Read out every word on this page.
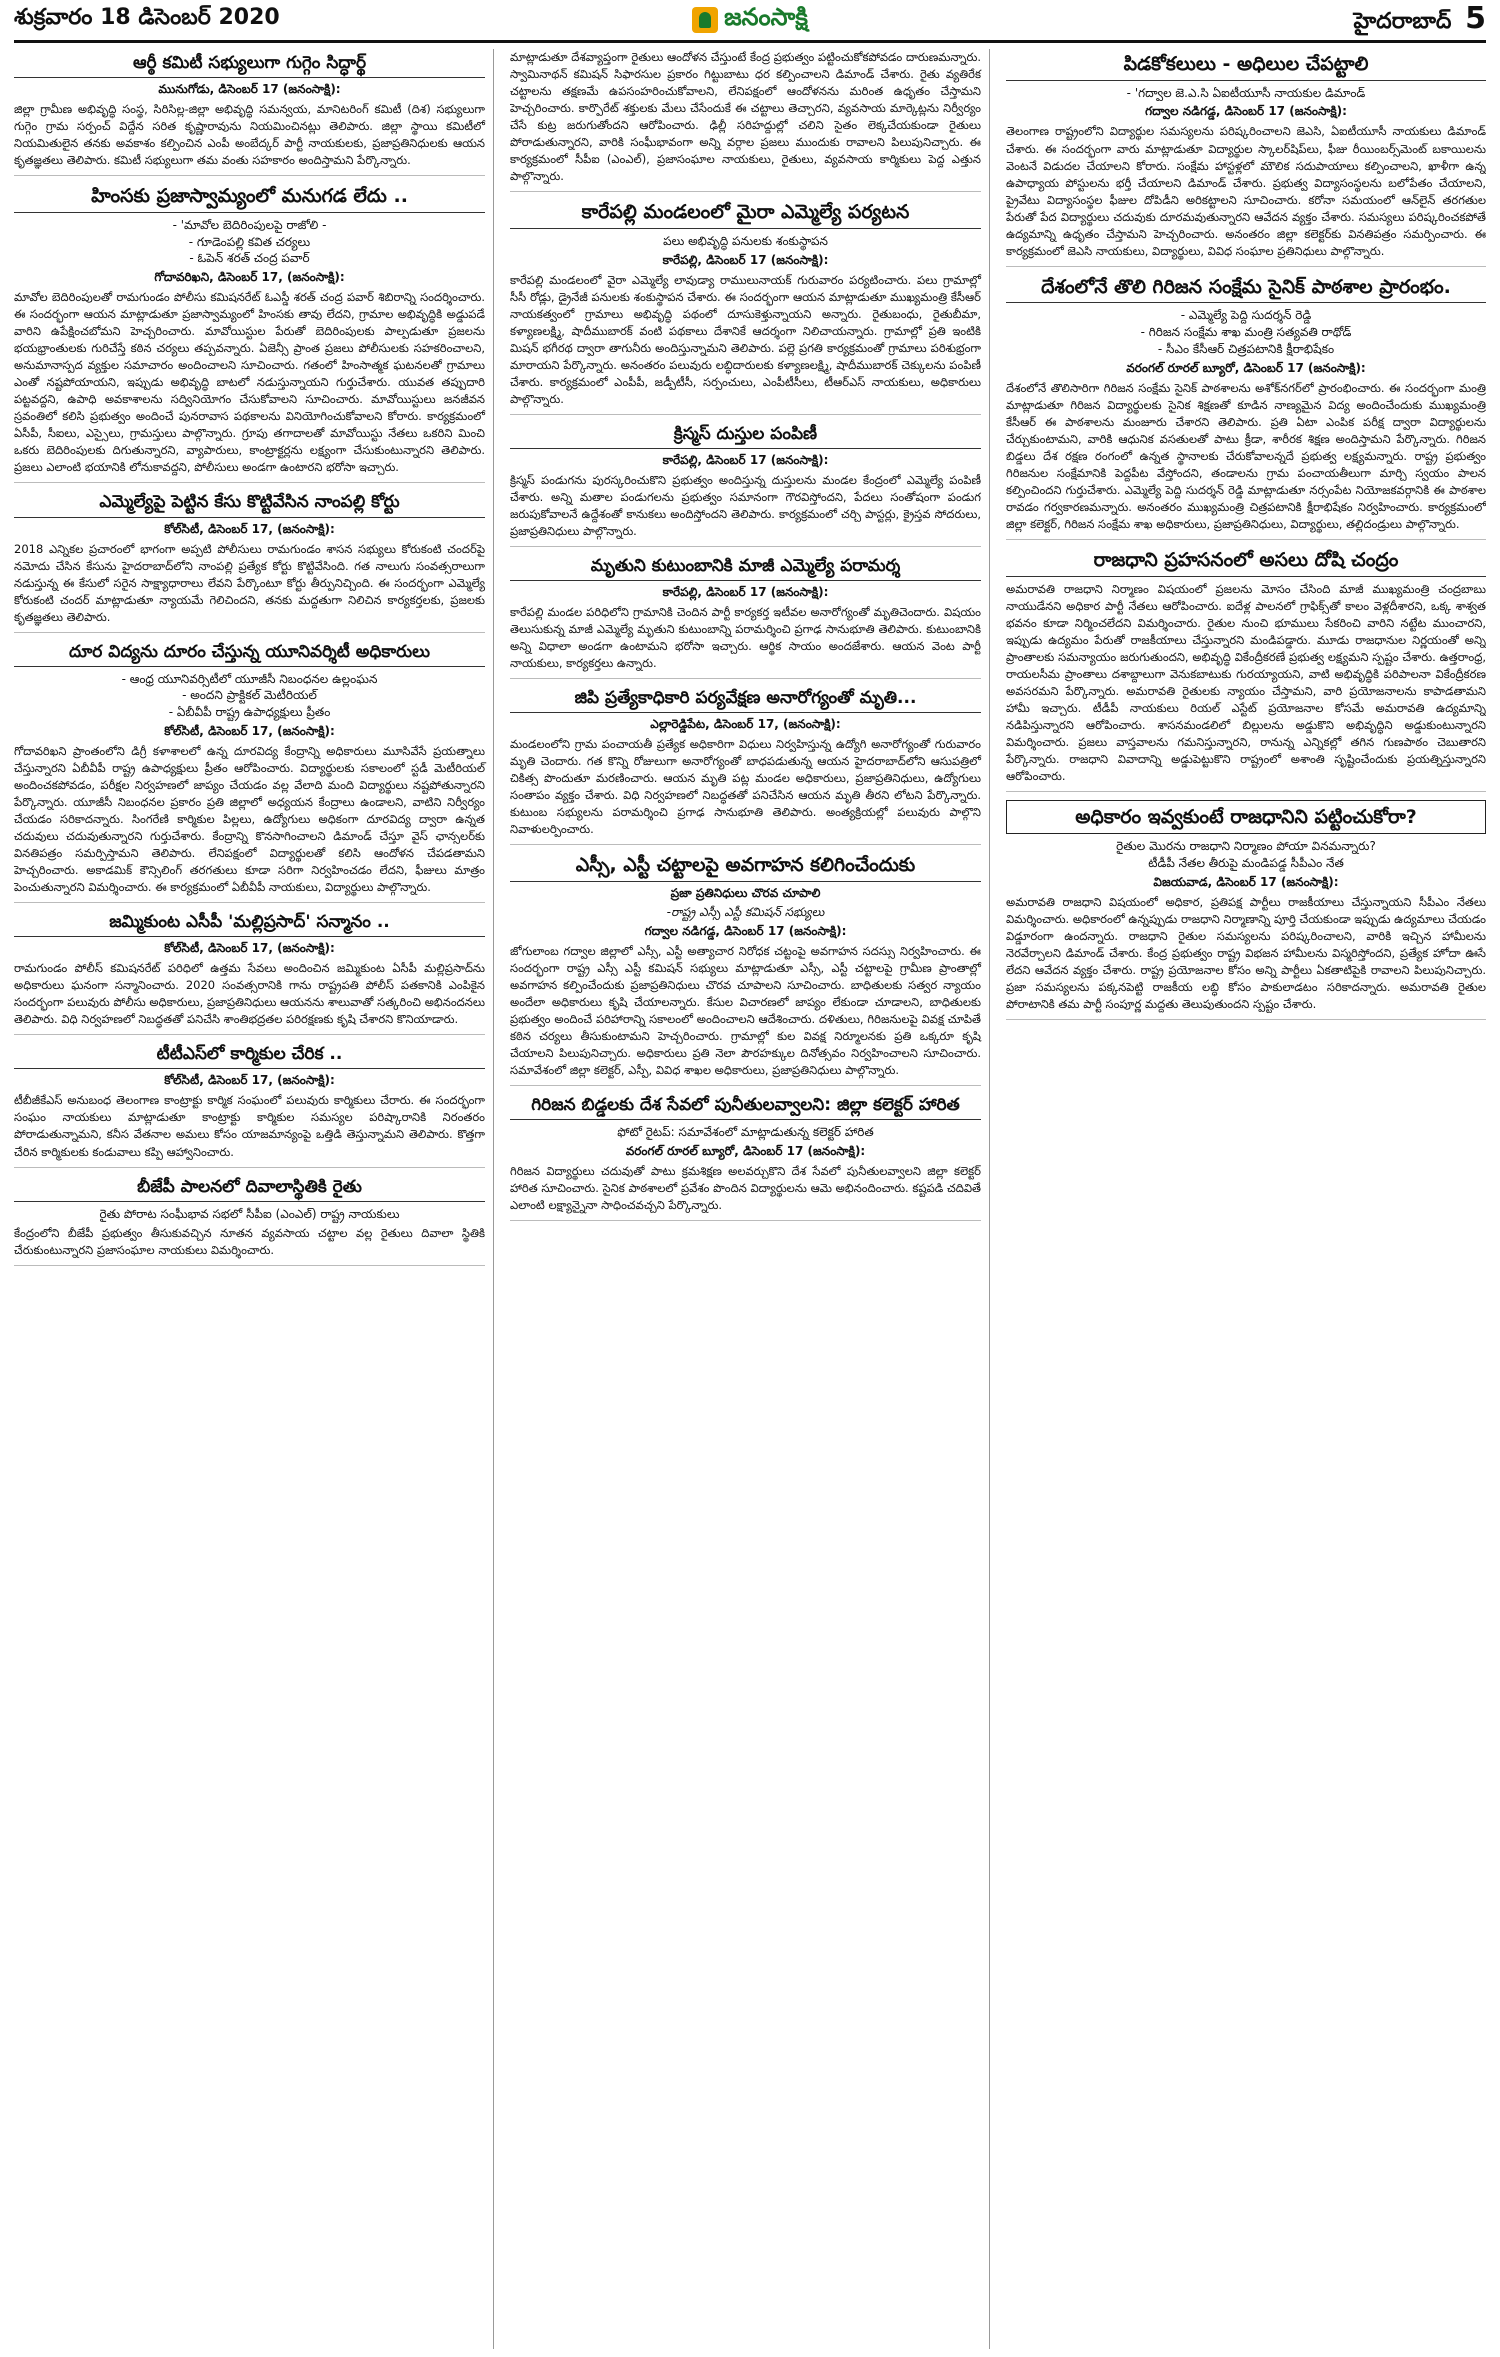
శుక్రవారం 18 డిసెంబర్ 2020	జనంసాక్షి	హైదరాబాద్ 5
ఆర్ఠీ కమిటీ సభ్యులుగా గుగ్గెం సిద్ధార్థ్
మునుగోడు, డిసెంబర్ 17 (జనంసాక్షి):
జిల్లా గ్రామీణ అభివృద్ధి సంస్థ, సిరిసిల్ల-జిల్లా అభివృద్ధి సమన్వయ, మానిటరింగ్ కమిటీ (దిశ) సభ్యులుగా గుగ్గెం గ్రామ సర్పంచ్ విద్దేన సరిత కృష్ణారావును నియమించినట్లు తెలిపారు. జిల్లా స్థాయి కమిటీలో నియమితులైన తనకు అవకాశం కల్పించిన ఎంపీ అంబేద్కర్‌ పార్టీ నాయకులకు, ప్రజాప్రతినిధులకు ఆయన కృతజ్ఞతలు తెలిపారు. కమిటీ సభ్యులుగా తమ వంతు సహకారం అందిస్తామని పేర్కొన్నారు.
హింసకు ప్రజాస్వామ్యంలో మనుగడ లేదు ..
- 'మావోల బెదిరింపులపై రాజోలి -
- గూడెంపల్లి కవిత చర్యలు
- ఓపెన్ శరత్ చంద్ర పవార్
గోదావరిఖని, డిసెంబర్ 17, (జనంసాక్షి):
మావోల బెదిరింపులతో రామగుండం పోలీసు కమిషనరేట్ ఓఎస్డీ శరత్ చంద్ర పవార్ శిబిరాన్ని సందర్శించారు. ఈ సందర్భంగా ఆయన మాట్లాడుతూ ప్రజాస్వామ్యంలో హింసకు తావు లేదని, గ్రామాల అభివృద్ధికి అడ్డుపడే వారిని ఉపేక్షించబోమని హెచ్చరించారు. మావోయిస్టుల పేరుతో బెదిరింపులకు పాల్పడుతూ ప్రజలను భయభ్రాంతులకు గురిచేస్తే కఠిన చర్యలు తప్పవన్నారు. ఏజెన్సీ ప్రాంత ప్రజలు పోలీసులకు సహకరించాలని, అనుమానాస్పద వ్యక్తుల సమాచారం అందించాలని సూచించారు. గతంలో హింసాత్మక ఘటనలతో గ్రామాలు ఎంతో నష్టపోయాయని, ఇప్పుడు అభివృద్ధి బాటలో నడుస్తున్నాయని గుర్తుచేశారు. యువత తప్పుదారి పట్టవద్దని, ఉపాధి అవకాశాలను సద్వినియోగం చేసుకోవాలని సూచించారు. మావోయిస్టులు జనజీవన స్రవంతిలో కలిసి ప్రభుత్వం అందించే పునరావాస పథకాలను వినియోగించుకోవాలని కోరారు. కార్యక్రమంలో ఏసీపీ, సీఐలు, ఎస్సైలు, గ్రామస్తులు పాల్గొన్నారు. గ్రూపు తగాదాలతో మావోయిస్టు నేతలు ఒకరిని మించి ఒకరు బెదిరింపులకు దిగుతున్నారని, వ్యాపారులు, కాంట్రాక్టర్లను లక్ష్యంగా చేసుకుంటున్నారని తెలిపారు. ప్రజలు ఎలాంటి భయానికి లోనుకావద్దని, పోలీసులు అండగా ఉంటారని భరోసా ఇచ్చారు.
ఎమ్మెల్యేపై పెట్టిన కేసు కొట్టివేసిన నాంపల్లి కోర్టు
కోల్‌సిటీ, డిసెంబర్ 17, (జనంసాక్షి):
2018 ఎన్నికల ప్రచారంలో భాగంగా అప్పటి పోలీసులు రామగుండం శాసన సభ్యులు కోరుకంటి చందర్‌పై నమోదు చేసిన కేసును హైదరాబాద్‌లోని నాంపల్లి ప్రత్యేక కోర్టు కొట్టివేసింది. గత నాలుగు సంవత్సరాలుగా నడుస్తున్న ఈ కేసులో సరైన సాక్ష్యాధారాలు లేవని పేర్కొంటూ కోర్టు తీర్పునిచ్చింది. ఈ సందర్భంగా ఎమ్మెల్యే కోరుకంటి చందర్ మాట్లాడుతూ న్యాయమే గెలిచిందని, తనకు మద్దతుగా నిలిచిన కార్యకర్తలకు, ప్రజలకు కృతజ్ఞతలు తెలిపారు.
దూర విద్యను దూరం చేస్తున్న యూనివర్శిటీ అధికారులు
- ఆంధ్ర యూనివర్సిటీలో యూజీసీ నిబంధనల ఉల్లంఘన
- అందని ప్రాక్టికల్ మెటీరియల్
- ఏబీవీపీ రాష్ట్ర ఉపాధ్యక్షులు ప్రీతం
కోల్‌సిటీ, డిసెంబర్ 17, (జనంసాక్షి):
గోదావరిఖని ప్రాంతంలోని డిగ్రీ కళాశాలలో ఉన్న దూరవిద్య కేంద్రాన్ని అధికారులు మూసివేసే ప్రయత్నాలు చేస్తున్నారని ఏబీవీపీ రాష్ట్ర ఉపాధ్యక్షులు ప్రీతం ఆరోపించారు. విద్యార్థులకు సకాలంలో స్టడీ మెటీరియల్ అందించకపోవడం, పరీక్షల నిర్వహణలో జాప్యం చేయడం వల్ల వేలాది మంది విద్యార్థులు నష్టపోతున్నారని పేర్కొన్నారు. యూజీసీ నిబంధనల ప్రకారం ప్రతి జిల్లాలో అధ్యయన కేంద్రాలు ఉండాలని, వాటిని నిర్వీర్యం చేయడం సరికాదన్నారు. సింగరేణి కార్మికుల పిల్లలు, ఉద్యోగులు అధికంగా దూరవిద్య ద్వారా ఉన్నత చదువులు చదువుతున్నారని గుర్తుచేశారు. కేంద్రాన్ని కొనసాగించాలని డిమాండ్ చేస్తూ వైస్ ఛాన్సలర్‌కు వినతిపత్రం సమర్పిస్తామని తెలిపారు. లేనిపక్షంలో విద్యార్థులతో కలిసి ఆందోళన చేపడతామని హెచ్చరించారు. అకాడమిక్ కౌన్సిలింగ్ తరగతులు కూడా సరిగా నిర్వహించడం లేదని, ఫీజులు మాత్రం పెంచుతున్నారని విమర్శించారు. ఈ కార్యక్రమంలో ఏబీవీపీ నాయకులు, విద్యార్థులు పాల్గొన్నారు.
జమ్మికుంట ఎసీపీ 'మల్లిప్రసాద్' సన్మానం ..
కోల్‌సిటీ, డిసెంబర్ 17, (జనంసాక్షి):
రామగుండం పోలీస్ కమిషనరేట్ పరిధిలో ఉత్తమ సేవలు అందించిన జమ్మికుంట ఏసీపీ మల్లిప్రసాద్‌ను అధికారులు ఘనంగా సన్మానించారు. 2020 సంవత్సరానికి గాను రాష్ట్రపతి పోలీస్ పతకానికి ఎంపికైన సందర్భంగా పలువురు పోలీసు అధికారులు, ప్రజాప్రతినిధులు ఆయనను శాలువాతో సత్కరించి అభినందనలు తెలిపారు. విధి నిర్వహణలో నిబద్ధతతో పనిచేసి శాంతిభద్రతల పరిరక్షణకు కృషి చేశారని కొనియాడారు.
టీటీఎస్‌లో కార్మికుల చేరిక ..
కోల్‌సిటీ, డిసెంబర్ 17, (జనంసాక్షి):
టీబీజీకేఎస్ అనుబంధ తెలంగాణ కాంట్రాక్టు కార్మిక సంఘంలో పలువురు కార్మికులు చేరారు. ఈ సందర్భంగా సంఘం నాయకులు మాట్లాడుతూ కాంట్రాక్టు కార్మికుల సమస్యల పరిష్కారానికి నిరంతరం పోరాడుతున్నామని, కనీస వేతనాల అమలు కోసం యాజమాన్యంపై ఒత్తిడి తెస్తున్నామని తెలిపారు. కొత్తగా చేరిన కార్మికులకు కండువాలు కప్పి ఆహ్వానించారు.
బీజేపీ పాలనలో దివాలాస్థితికి రైతు
రైతు పోరాట సంఘీభావ సభలో సీపీఐ (ఎంఎల్) రాష్ట్ర నాయకులు
కేంద్రంలోని బీజేపీ ప్రభుత్వం తీసుకువచ్చిన నూతన వ్యవసాయ చట్టాల వల్ల రైతులు దివాలా స్థితికి చేరుకుంటున్నారని ప్రజాసంఘాల నాయకులు విమర్శించారు.
మాట్లాడుతూ దేశవ్యాప్తంగా రైతులు ఆందోళన చేస్తుంటే కేంద్ర ప్రభుత్వం పట్టించుకోకపోవడం దారుణమన్నారు. స్వామినాథన్ కమిషన్ సిఫారసుల ప్రకారం గిట్టుబాటు ధర కల్పించాలని డిమాండ్ చేశారు. రైతు వ్యతిరేక చట్టాలను తక్షణమే ఉపసంహరించుకోవాలని, లేనిపక్షంలో ఆందోళనను మరింత ఉధృతం చేస్తామని హెచ్చరించారు. కార్పొరేట్ శక్తులకు మేలు చేసేందుకే ఈ చట్టాలు తెచ్చారని, వ్యవసాయ మార్కెట్లను నిర్వీర్యం చేసే కుట్ర జరుగుతోందని ఆరోపించారు. ఢిల్లీ సరిహద్దుల్లో చలిని సైతం లెక్కచేయకుండా రైతులు పోరాడుతున్నారని, వారికి సంఘీభావంగా అన్ని వర్గాల ప్రజలు ముందుకు రావాలని పిలుపునిచ్చారు. ఈ కార్యక్రమంలో సీపీఐ (ఎంఎల్), ప్రజాసంఘాల నాయకులు, రైతులు, వ్యవసాయ కార్మికులు పెద్ద ఎత్తున పాల్గొన్నారు.
కారేపల్లి మండలంలో మైరా ఎమ్మెల్యే పర్యటన
పలు అభివృద్ధి పనులకు శంకుస్థాపన
కారేపల్లి, డిసెంబర్ 17 (జనంసాక్షి):
కారేపల్లి మండలంలో వైరా ఎమ్మెల్యే లావుడ్యా రాములునాయక్ గురువారం పర్యటించారు. పలు గ్రామాల్లో సీసీ రోడ్లు, డ్రైనేజీ పనులకు శంకుస్థాపన చేశారు. ఈ సందర్భంగా ఆయన మాట్లాడుతూ ముఖ్యమంత్రి కేసీఆర్ నాయకత్వంలో గ్రామాలు అభివృద్ధి పథంలో దూసుకెళ్తున్నాయని అన్నారు. రైతుబంధు, రైతుబీమా, కళ్యాణలక్ష్మి, షాదీముబారక్ వంటి పథకాలు దేశానికే ఆదర్శంగా నిలిచాయన్నారు. గ్రామాల్లో ప్రతి ఇంటికి మిషన్ భగీరథ ద్వారా తాగునీరు అందిస్తున్నామని తెలిపారు. పల్లె ప్రగతి కార్యక్రమంతో గ్రామాలు పరిశుభ్రంగా మారాయని పేర్కొన్నారు. అనంతరం పలువురు లబ్ధిదారులకు కళ్యాణలక్ష్మి, షాదీముబారక్ చెక్కులను పంపిణీ చేశారు. కార్యక్రమంలో ఎంపీపీ, జడ్పీటీసీ, సర్పంచులు, ఎంపీటీసీలు, టీఆర్ఎస్ నాయకులు, అధికారులు పాల్గొన్నారు.
క్రిస్మస్ దుస్తుల పంపిణీ
కారేపల్లి, డిసెంబర్ 17 (జనంసాక్షి):
క్రిస్మస్ పండుగను పురస్కరించుకొని ప్రభుత్వం అందిస్తున్న దుస్తులను మండల కేంద్రంలో ఎమ్మెల్యే పంపిణీ చేశారు. అన్ని మతాల పండుగలను ప్రభుత్వం సమానంగా గౌరవిస్తోందని, పేదలు సంతోషంగా పండుగ జరుపుకోవాలనే ఉద్దేశంతో కానుకలు అందిస్తోందని తెలిపారు. కార్యక్రమంలో చర్చి పాస్టర్లు, క్రైస్తవ సోదరులు, ప్రజాప్రతినిధులు పాల్గొన్నారు.
మృతుని కుటుంబానికి మాజీ ఎమ్మెల్యే పరామర్శ
కారేపల్లి, డిసెంబర్ 17 (జనంసాక్షి):
కారేపల్లి మండల పరిధిలోని గ్రామానికి చెందిన పార్టీ కార్యకర్త ఇటీవల అనారోగ్యంతో మృతిచెందారు. విషయం తెలుసుకున్న మాజీ ఎమ్మెల్యే మృతుని కుటుంబాన్ని పరామర్శించి ప్రగాఢ సానుభూతి తెలిపారు. కుటుంబానికి అన్ని విధాలా అండగా ఉంటామని భరోసా ఇచ్చారు. ఆర్థిక సాయం అందజేశారు. ఆయన వెంట పార్టీ నాయకులు, కార్యకర్తలు ఉన్నారు.
జిపి ప్రత్యేకాధికారి పర్యవేక్షణ అనారోగ్యంతో మృతి...
ఎల్లారెడ్డిపేట, డిసెంబర్ 17, (జనంసాక్షి):
మండలంలోని గ్రామ పంచాయతీ ప్రత్యేక అధికారిగా విధులు నిర్వహిస్తున్న ఉద్యోగి అనారోగ్యంతో గురువారం మృతి చెందారు. గత కొన్ని రోజులుగా అనారోగ్యంతో బాధపడుతున్న ఆయన హైదరాబాద్‌లోని ఆసుపత్రిలో చికిత్స పొందుతూ మరణించారు. ఆయన మృతి పట్ల మండల అధికారులు, ప్రజాప్రతినిధులు, ఉద్యోగులు సంతాపం వ్యక్తం చేశారు. విధి నిర్వహణలో నిబద్ధతతో పనిచేసిన ఆయన మృతి తీరని లోటని పేర్కొన్నారు. కుటుంబ సభ్యులను పరామర్శించి ప్రగాఢ సానుభూతి తెలిపారు. అంత్యక్రియల్లో పలువురు పాల్గొని నివాళులర్పించారు.
ఎస్సీ, ఎస్టీ చట్టాలపై అవగాహన కలిగించేందుకు
ప్రజా ప్రతినిధులు చొరవ చూపాలి
-రాష్ట్ర ఎస్సీ ఎస్టీ కమిషన్ సభ్యులు
గద్వాల నడిగడ్డ, డిసెంబర్ 17 (జనంసాక్షి):
జోగులాంబ గద్వాల జిల్లాలో ఎస్సీ, ఎస్టీ అత్యాచార నిరోధక చట్టంపై అవగాహన సదస్సు నిర్వహించారు. ఈ సందర్భంగా రాష్ట్ర ఎస్సీ ఎస్టీ కమిషన్ సభ్యులు మాట్లాడుతూ ఎస్సీ, ఎస్టీ చట్టాలపై గ్రామీణ ప్రాంతాల్లో అవగాహన కల్పించేందుకు ప్రజాప్రతినిధులు చొరవ చూపాలని సూచించారు. బాధితులకు సత్వర న్యాయం అందేలా అధికారులు కృషి చేయాలన్నారు. కేసుల విచారణలో జాప్యం లేకుండా చూడాలని, బాధితులకు ప్రభుత్వం అందించే పరిహారాన్ని సకాలంలో అందించాలని ఆదేశించారు. దళితులు, గిరిజనులపై వివక్ష చూపితే కఠిన చర్యలు తీసుకుంటామని హెచ్చరించారు. గ్రామాల్లో కుల వివక్ష నిర్మూలనకు ప్రతి ఒక్కరూ కృషి చేయాలని పిలుపునిచ్చారు. అధికారులు ప్రతి నెలా పౌరహక్కుల దినోత్సవం నిర్వహించాలని సూచించారు. సమావేశంలో జిల్లా కలెక్టర్, ఎస్పీ, వివిధ శాఖల అధికారులు, ప్రజాప్రతినిధులు పాల్గొన్నారు.
గిరిజన బిడ్డలకు దేశ సేవలో పునీతులవ్వాలని: జిల్లా కలెక్టర్ హారిత
ఫోటో రైటప్: సమావేశంలో మాట్లాడుతున్న కలెక్టర్ హారిత
వరంగల్ రూరల్ బ్యూరో, డిసెంబర్ 17 (జనంసాక్షి):
గిరిజన విద్యార్థులు చదువుతో పాటు క్రమశిక్షణ అలవర్చుకొని దేశ సేవలో పునీతులవ్వాలని జిల్లా కలెక్టర్ హారిత సూచించారు. సైనిక పాఠశాలలో ప్రవేశం పొందిన విద్యార్థులను ఆమె అభినందించారు. కష్టపడి చదివితే ఎలాంటి లక్ష్యాన్నైనా సాధించవచ్చని పేర్కొన్నారు.
పిడకోకలులు - అధిలుల చేపట్టాలి
- 'గద్వాల జె.ఎ.సి ఏఐటీయూసీ నాయకుల డిమాండ్
గద్వాల నడిగడ్డ, డిసెంబర్ 17 (జనంసాక్షి):
తెలంగాణ రాష్ట్రంలోని విద్యార్థుల సమస్యలను పరిష్కరించాలని జెఎసి, ఏఐటీయూసీ నాయకులు డిమాండ్ చేశారు. ఈ సందర్భంగా వారు మాట్లాడుతూ విద్యార్థుల స్కాలర్‌షిప్‌లు, ఫీజు రీయింబర్స్‌మెంట్ బకాయిలను వెంటనే విడుదల చేయాలని కోరారు. సంక్షేమ హాస్టళ్లలో మౌలిక సదుపాయాలు కల్పించాలని, ఖాళీగా ఉన్న ఉపాధ్యాయ పోస్టులను భర్తీ చేయాలని డిమాండ్ చేశారు. ప్రభుత్వ విద్యాసంస్థలను బలోపేతం చేయాలని, ప్రైవేటు విద్యాసంస్థల ఫీజుల దోపిడీని అరికట్టాలని సూచించారు. కరోనా సమయంలో ఆన్‌లైన్ తరగతుల పేరుతో పేద విద్యార్థులు చదువుకు దూరమవుతున్నారని ఆవేదన వ్యక్తం చేశారు. సమస్యలు పరిష్కరించకపోతే ఉద్యమాన్ని ఉధృతం చేస్తామని హెచ్చరించారు. అనంతరం జిల్లా కలెక్టర్‌కు వినతిపత్రం సమర్పించారు. ఈ కార్యక్రమంలో జెఎసి నాయకులు, విద్యార్థులు, వివిధ సంఘాల ప్రతినిధులు పాల్గొన్నారు.
దేశంలోనే తొలి గిరిజన సంక్షేమ సైనిక్ పాఠశాల ప్రారంభం.
- ఎమ్మెల్యే పెద్ది సుదర్శన్ రెడ్డి
- గిరిజన సంక్షేమ శాఖ మంత్రి సత్యవతి రాథోడ్
- సీఎం కేసీఆర్ చిత్రపటానికి క్షీరాభిషేకం
వరంగల్ రూరల్ బ్యూరో, డిసెంబర్ 17 (జనంసాక్షి):
దేశంలోనే తొలిసారిగా గిరిజన సంక్షేమ సైనిక్ పాఠశాలను అశోక్‌నగర్‌లో ప్రారంభించారు. ఈ సందర్భంగా మంత్రి మాట్లాడుతూ గిరిజన విద్యార్థులకు సైనిక శిక్షణతో కూడిన నాణ్యమైన విద్య అందించేందుకు ముఖ్యమంత్రి కేసీఆర్ ఈ పాఠశాలను మంజూరు చేశారని తెలిపారు. ప్రతి ఏటా ఎంపిక పరీక్ష ద్వారా విద్యార్థులను చేర్చుకుంటామని, వారికి ఆధునిక వసతులతో పాటు క్రీడా, శారీరక శిక్షణ అందిస్తామని పేర్కొన్నారు. గిరిజన బిడ్డలు దేశ రక్షణ రంగంలో ఉన్నత స్థానాలకు చేరుకోవాలన్నదే ప్రభుత్వ లక్ష్యమన్నారు. రాష్ట్ర ప్రభుత్వం గిరిజనుల సంక్షేమానికి పెద్దపీట వేస్తోందని, తండాలను గ్రామ పంచాయతీలుగా మార్చి స్వయం పాలన కల్పించిందని గుర్తుచేశారు. ఎమ్మెల్యే పెద్ది సుదర్శన్ రెడ్డి మాట్లాడుతూ నర్సంపేట నియోజకవర్గానికి ఈ పాఠశాల రావడం గర్వకారణమన్నారు. అనంతరం ముఖ్యమంత్రి చిత్రపటానికి క్షీరాభిషేకం నిర్వహించారు. కార్యక్రమంలో జిల్లా కలెక్టర్, గిరిజన సంక్షేమ శాఖ అధికారులు, ప్రజాప్రతినిధులు, విద్యార్థులు, తల్లిదండ్రులు పాల్గొన్నారు.
రాజధాని ప్రహసనంలో అసలు దోషి చంద్రం
అమరావతి రాజధాని నిర్మాణం విషయంలో ప్రజలను మోసం చేసింది మాజీ ముఖ్యమంత్రి చంద్రబాబు నాయుడేనని అధికార పార్టీ నేతలు ఆరోపించారు. ఐదేళ్ల పాలనలో గ్రాఫిక్స్‌తో కాలం వెళ్లదీశారని, ఒక్క శాశ్వత భవనం కూడా నిర్మించలేదని విమర్శించారు. రైతుల నుంచి భూములు సేకరించి వారిని నట్టేట ముంచారని, ఇప్పుడు ఉద్యమం పేరుతో రాజకీయాలు చేస్తున్నారని మండిపడ్డారు. మూడు రాజధానుల నిర్ణయంతో అన్ని ప్రాంతాలకు సమన్యాయం జరుగుతుందని, అభివృద్ధి వికేంద్రీకరణే ప్రభుత్వ లక్ష్యమని స్పష్టం చేశారు. ఉత్తరాంధ్ర, రాయలసీమ ప్రాంతాలు దశాబ్దాలుగా వెనుకబాటుకు గురయ్యాయని, వాటి అభివృద్ధికి పరిపాలనా వికేంద్రీకరణ అవసరమని పేర్కొన్నారు. అమరావతి రైతులకు న్యాయం చేస్తామని, వారి ప్రయోజనాలను కాపాడతామని హామీ ఇచ్చారు. టీడీపీ నాయకులు రియల్ ఎస్టేట్ ప్రయోజనాల కోసమే అమరావతి ఉద్యమాన్ని నడిపిస్తున్నారని ఆరోపించారు. శాసనమండలిలో బిల్లులను అడ్డుకొని అభివృద్ధిని అడ్డుకుంటున్నారని విమర్శించారు. ప్రజలు వాస్తవాలను గమనిస్తున్నారని, రానున్న ఎన్నికల్లో తగిన గుణపాఠం చెబుతారని పేర్కొన్నారు. రాజధాని వివాదాన్ని అడ్డుపెట్టుకొని రాష్ట్రంలో అశాంతి సృష్టించేందుకు ప్రయత్నిస్తున్నారని ఆరోపించారు.
అధికారం ఇవ్వకుంటే రాజధానిని పట్టించుకోరా?
రైతుల మొరను రాజధాని నిర్మాణం పోయా వినమన్నారు?
టీడీపీ నేతల తీరుపై మండిపడ్డ సీపీఎం నేత
విజయవాడ, డిసెంబర్ 17 (జనంసాక్షి):
అమరావతి రాజధాని విషయంలో అధికార, ప్రతిపక్ష పార్టీలు రాజకీయాలు చేస్తున్నాయని సీపీఎం నేతలు విమర్శించారు. అధికారంలో ఉన్నప్పుడు రాజధాని నిర్మాణాన్ని పూర్తి చేయకుండా ఇప్పుడు ఉద్యమాలు చేయడం విడ్డూరంగా ఉందన్నారు. రాజధాని రైతుల సమస్యలను పరిష్కరించాలని, వారికి ఇచ్చిన హామీలను నెరవేర్చాలని డిమాండ్ చేశారు. కేంద్ర ప్రభుత్వం రాష్ట్ర విభజన హామీలను విస్మరిస్తోందని, ప్రత్యేక హోదా ఊసే లేదని ఆవేదన వ్యక్తం చేశారు. రాష్ట్ర ప్రయోజనాల కోసం అన్ని పార్టీలు ఏకతాటిపైకి రావాలని పిలుపునిచ్చారు. ప్రజా సమస్యలను పక్కనపెట్టి రాజకీయ లబ్ధి కోసం పాకులాడటం సరికాదన్నారు. అమరావతి రైతుల పోరాటానికి తమ పార్టీ సంపూర్ణ మద్దతు తెలుపుతుందని స్పష్టం చేశారు.
